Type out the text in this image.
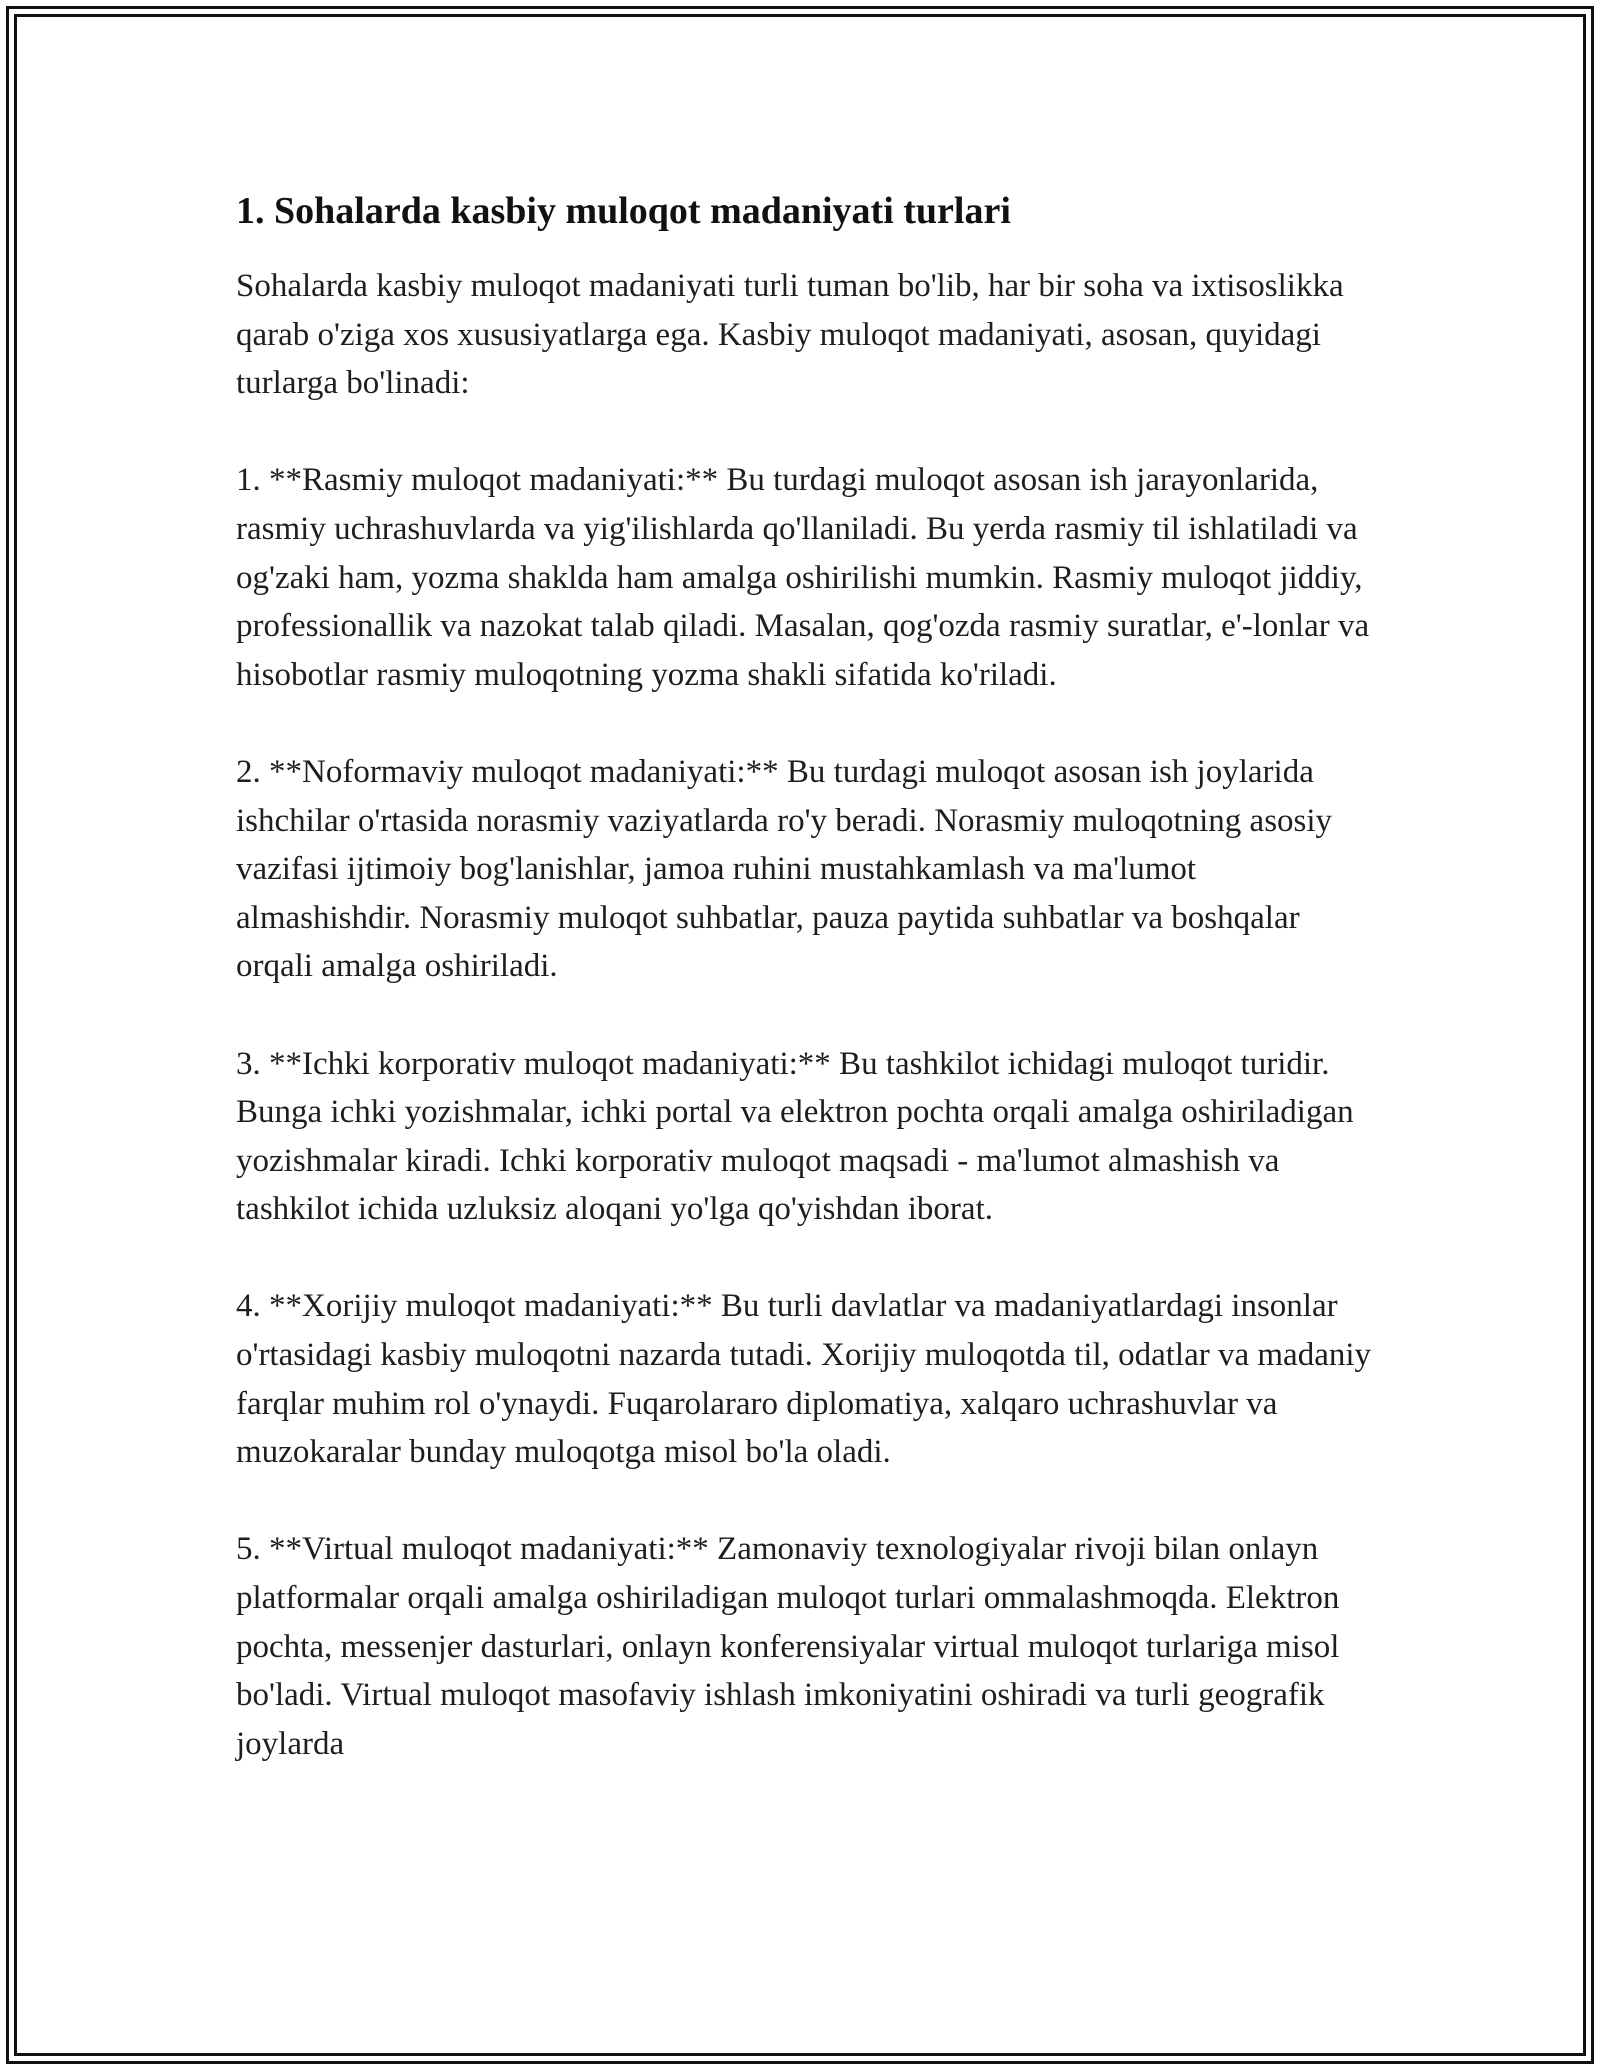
1. Sohalarda kasbiy muloqot madaniyati turlari

Sohalarda kasbiy muloqot madaniyati turli tuman bo'lib, har bir soha va ixtisoslikka qarab o'ziga xos xususiyatlarga ega. Kasbiy muloqot madaniyati, asosan, quyidagi turlarga bo'linadi:

1. **Rasmiy muloqot madaniyati:** Bu turdagi muloqot asosan ish jarayonlarida, rasmiy uchrashuvlarda va yig'ilishlarda qo'llaniladi. Bu yerda rasmiy til ishlatiladi va og'zaki ham, yozma shaklda ham amalga oshirilishi mumkin. Rasmiy muloqot jiddiy, professionallik va nazokat talab qiladi. Masalan, qog'ozda rasmiy suratlar, e'-lonlar va hisobotlar rasmiy muloqotning yozma shakli sifatida ko'riladi.

2. **Noformaviy muloqot madaniyati:** Bu turdagi muloqot asosan ish joylarida ishchilar o'rtasida norasmiy vaziyatlarda ro'y beradi. Norasmiy muloqotning asosiy vazifasi ijtimoiy bog'lanishlar, jamoa ruhini mustahkamlash va ma'lumot almashishdir. Norasmiy muloqot suhbatlar, pauza paytida suhbatlar va boshqalar orqali amalga oshiriladi.

3. **Ichki korporativ muloqot madaniyati:** Bu tashkilot ichidagi muloqot turidir. Bunga ichki yozishmalar, ichki portal va elektron pochta orqali amalga oshiriladigan yozishmalar kiradi. Ichki korporativ muloqot maqsadi - ma'lumot almashish va tashkilot ichida uzluksiz aloqani yo'lga qo'yishdan iborat.

4. **Xorijiy muloqot madaniyati:** Bu turli davlatlar va madaniyatlardagi insonlar o'rtasidagi kasbiy muloqotni nazarda tutadi. Xorijiy muloqotda til, odatlar va madaniy farqlar muhim rol o'ynaydi. Fuqarolararo diplomatiya, xalqaro uchrashuvlar va muzokaralar bunday muloqotga misol bo'la oladi.

5. **Virtual muloqot madaniyati:** Zamonaviy texnologiyalar rivoji bilan onlayn platformalar orqali amalga oshiriladigan muloqot turlari ommalashmoqda. Elektron pochta, messenjer dasturlari, onlayn konferensiyalar virtual muloqot turlariga misol bo'ladi. Virtual muloqot masofaviy ishlash imkoniyatini oshiradi va turli geografik joylarda
